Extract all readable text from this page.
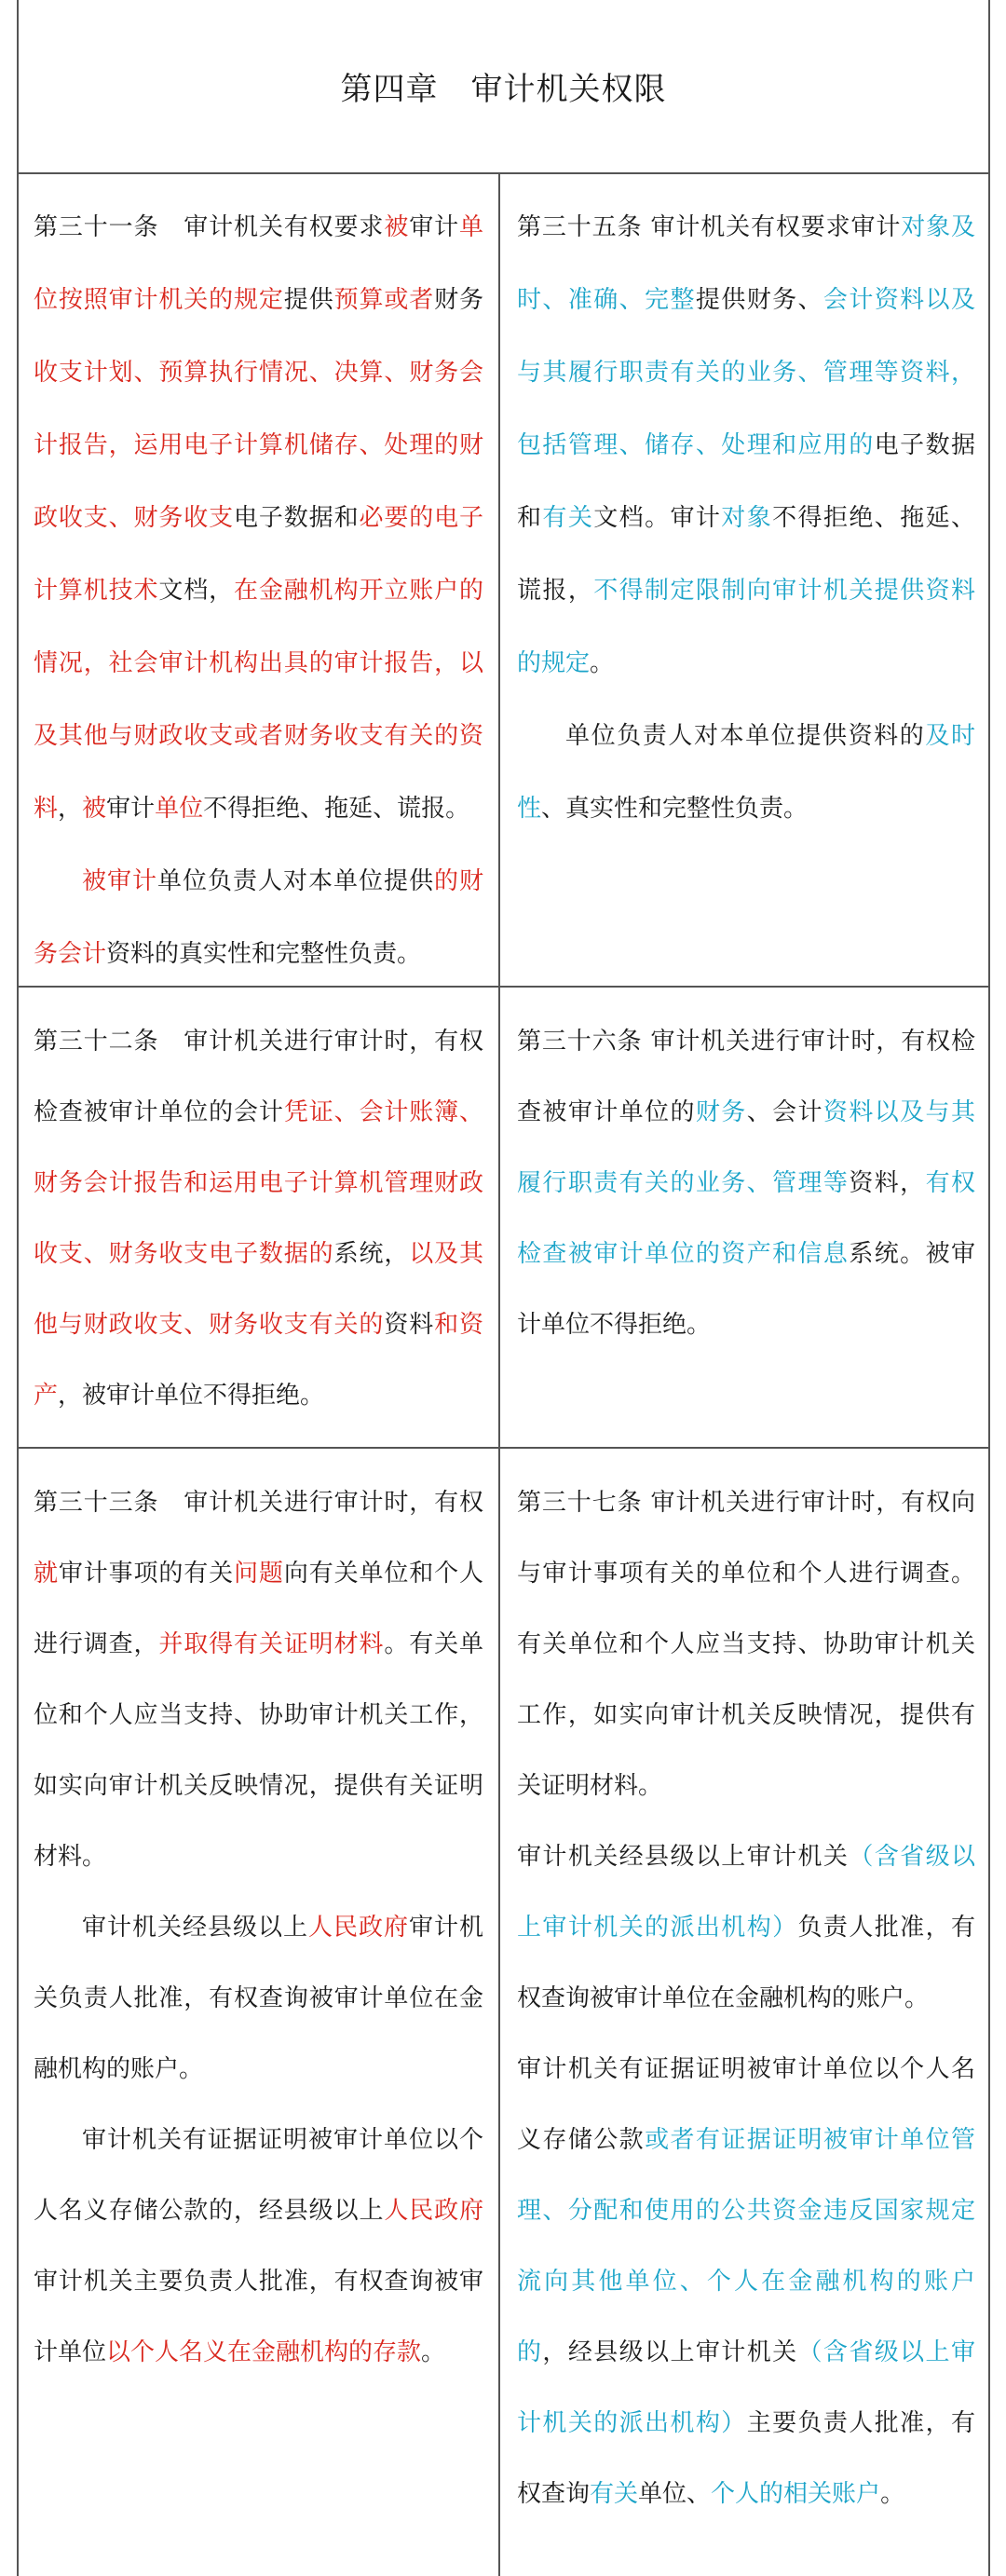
第四章　审计机关权限

第三十一条　审计机关有权要求被审计单位按照审计机关的规定提供预算或者财务收支计划、预算执行情况、决算、财务会计报告，运用电子计算机储存、处理的财政收支、财务收支电子数据和必要的电子计算机技术文档，在金融机构开立账户的情况，社会审计机构出具的审计报告，以及其他与财政收支或者财务收支有关的资料，被审计单位不得拒绝、拖延、谎报。

被审计单位负责人对本单位提供的财务会计资料的真实性和完整性负责。

第三十五条 审计机关有权要求审计对象及时、准确、完整提供财务、会计资料以及与其履行职责有关的业务、管理等资料，包括管理、储存、处理和应用的电子数据和有关文档。审计对象不得拒绝、拖延、谎报，不得制定限制向审计机关提供资料的规定。

单位负责人对本单位提供资料的及时性、真实性和完整性负责。

第三十二条　审计机关进行审计时，有权检查被审计单位的会计凭证、会计账簿、财务会计报告和运用电子计算机管理财政收支、财务收支电子数据的系统，以及其他与财政收支、财务收支有关的资料和资产，被审计单位不得拒绝。

第三十六条 审计机关进行审计时，有权检查被审计单位的财务、会计资料以及与其履行职责有关的业务、管理等资料，有权检查被审计单位的资产和信息系统。被审计单位不得拒绝。

第三十三条　审计机关进行审计时，有权就审计事项的有关问题向有关单位和个人进行调查，并取得有关证明材料。有关单位和个人应当支持、协助审计机关工作，如实向审计机关反映情况，提供有关证明材料。

审计机关经县级以上人民政府审计机关负责人批准，有权查询被审计单位在金融机构的账户。

审计机关有证据证明被审计单位以个人名义存储公款的，经县级以上人民政府审计机关主要负责人批准，有权查询被审计单位以个人名义在金融机构的存款。

第三十七条 审计机关进行审计时，有权向与审计事项有关的单位和个人进行调查。有关单位和个人应当支持、协助审计机关工作，如实向审计机关反映情况，提供有关证明材料。

审计机关经县级以上审计机关（含省级以上审计机关的派出机构）负责人批准，有权查询被审计单位在金融机构的账户。

审计机关有证据证明被审计单位以个人名义存储公款或者有证据证明被审计单位管理、分配和使用的公共资金违反国家规定流向其他单位、个人在金融机构的账户的，经县级以上审计机关（含省级以上审计机关的派出机构）主要负责人批准，有权查询有关单位、个人的相关账户。
